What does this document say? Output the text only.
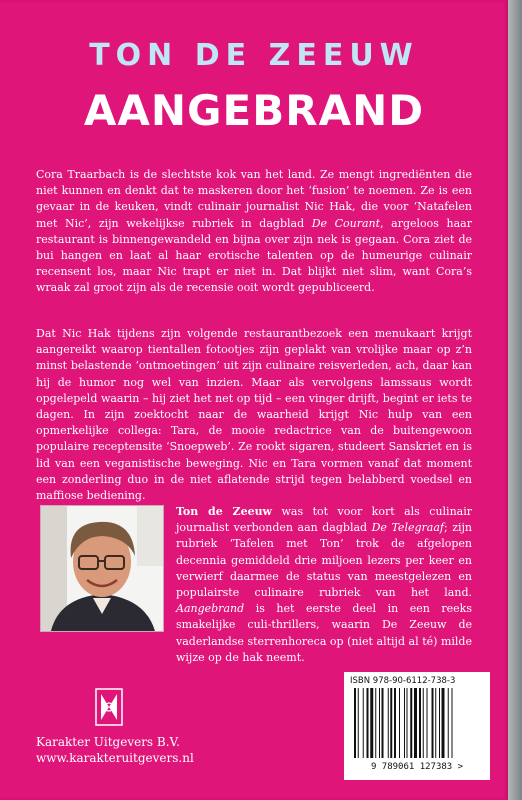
TON DE ZEEUW
AANGEBRAND

Cora Traarbach is de slechtste kok van het land. Ze mengt ingrediënten die niet kunnen en denkt dat te maskeren door het ‘fusion’ te noemen. Ze is een gevaar in de keuken, vindt culinair journalist Nic Hak, die voor ‘Natafelen met Nic’, zijn wekelijkse rubriek in dagblad De Courant, argeloos haar restaurant is binnengewandeld en bijna over zijn nek is gegaan. Cora ziet de bui hangen en laat al haar erotische talenten op de humeurige culinair recensent los, maar Nic trapt er niet in. Dat blijkt niet slim, want Cora’s wraak zal groot zijn als de recensie ooit wordt gepubliceerd.

Dat Nic Hak tijdens zijn volgende restaurantbezoek een menukaart krijgt aangereikt waarop tientallen fotootjes zijn geplakt van vrolijke maar op z’n minst belastende ‘ontmoetingen’ uit zijn culinaire reisverleden, ach, daar kan hij de humor nog wel van inzien. Maar als vervolgens lamssaus wordt opgelepeld waarin – hij ziet het net op tijd – een vinger drijft, begint er iets te dagen. In zijn zoektocht naar de waarheid krijgt Nic hulp van een opmerkelijke collega: Tara, de mooie redactrice van de buitengewoon populaire receptensite ‘Snoepweb’. Ze rookt sigaren, studeert Sanskriet en is lid van een veganistische beweging. Nic en Tara vormen vanaf dat moment een zonderling duo in de niet aflatende strijd tegen belabberd voedsel en maffiose bediening.

Ton de Zeeuw was tot voor kort als culinair journalist verbonden aan dagblad De Telegraaf; zijn rubriek ‘Tafelen met Ton’ trok de afgelopen decennia gemiddeld drie miljoen lezers per keer en verwierf daarmee de status van meestgelezen en populairste culinaire rubriek van het land. Aangebrand is het eerste deel in een reeks smakelijke culi-thrillers, waarin De Zeeuw de vaderlandse sterrenhoreca op (niet altijd al té) milde wijze op de hak neemt.

Karakter Uitgevers B.V.
www.karakteruitgevers.nl
ISBN 978-90-6112-738-3
9 789061 127383 >
